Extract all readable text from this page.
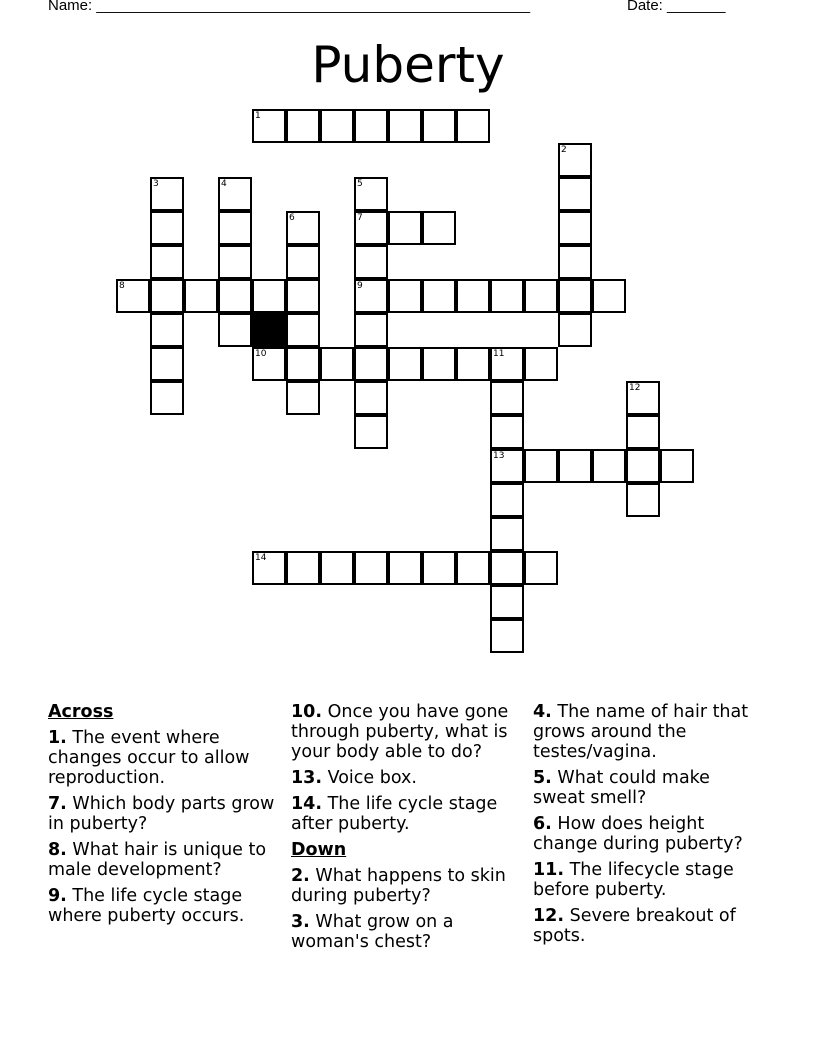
Name: ____________________________________________________	Date: _______
Puberty
1
2
3	4	5
7
9
6
8
10	11
13
12
14
Across
1. The event where changes occur to allow reproduction.
7. Which body parts grow in puberty?
8. What hair is unique to male development?
9. The life cycle stage where puberty occurs.
10. Once you have gone through puberty, what is your body able to do?
13. Voice box.
14. The life cycle stage after puberty.
Down
2. What happens to skin during puberty?
3. What grow on a woman's chest?
4. The name of hair that grows around the testes/vagina.
5. What could make sweat smell?
6. How does height change during puberty?
11. The lifecycle stage before puberty.
12. Severe breakout of spots.
